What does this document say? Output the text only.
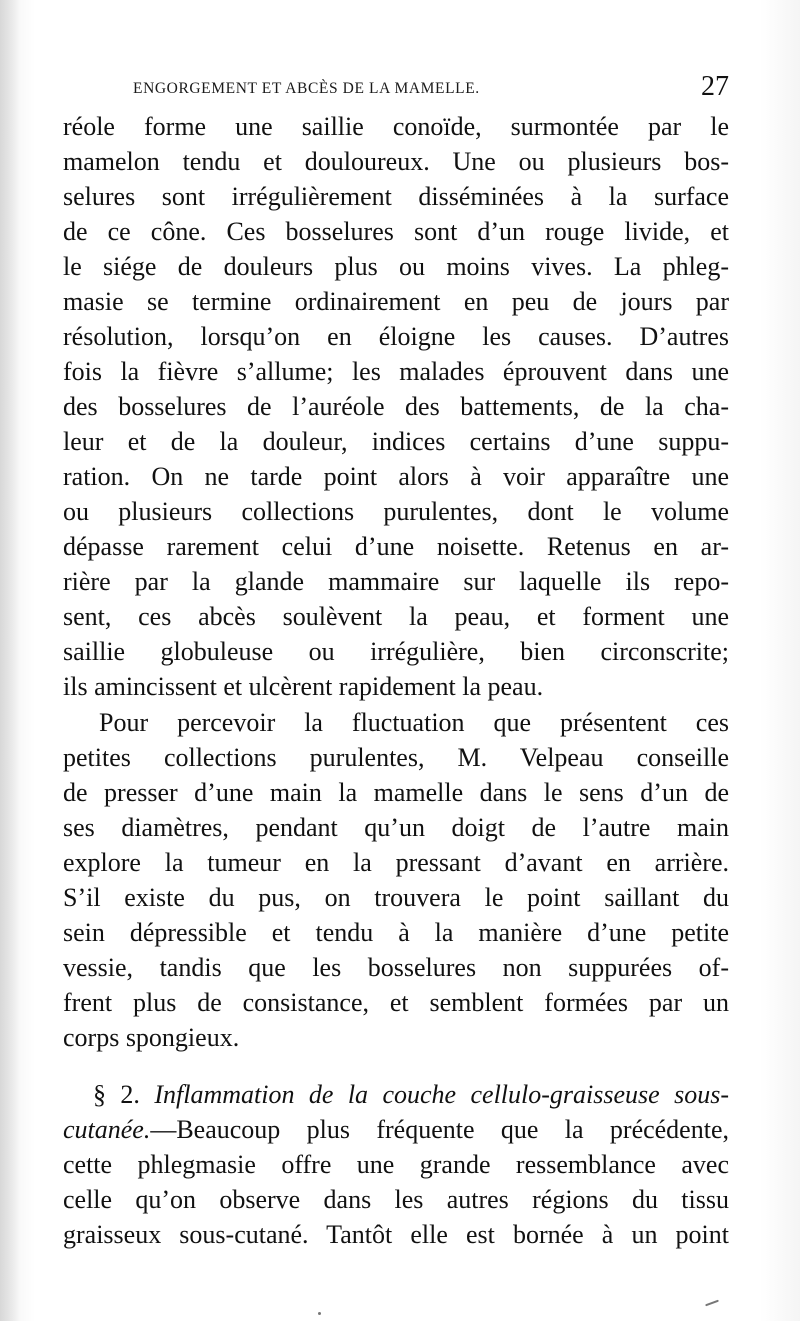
ENGORGEMENT ET ABCÈS DE LA MAMELLE.	27
réole forme une saillie conoïde, surmontée par le
mamelon tendu et douloureux. Une ou plusieurs bos-
selures sont irrégulièrement disséminées à la surface
de ce cône. Ces bosselures sont d’un rouge livide, et
le siége de douleurs plus ou moins vives. La phleg-
masie se termine ordinairement en peu de jours par
résolution, lorsqu’on en éloigne les causes. D’autres
fois la fièvre s’allume; les malades éprouvent dans une
des bosselures de l’auréole des battements, de la cha-
leur et de la douleur, indices certains d’une suppu-
ration. On ne tarde point alors à voir apparaître une
ou plusieurs collections purulentes, dont le volume
dépasse rarement celui d’une noisette. Retenus en ar-
rière par la glande mammaire sur laquelle ils repo-
sent, ces abcès soulèvent la peau, et forment une
saillie globuleuse ou irrégulière, bien circonscrite;
ils amincissent et ulcèrent rapidement la peau.
Pour percevoir la fluctuation que présentent ces
petites collections purulentes, M. Velpeau conseille
de presser d’une main la mamelle dans le sens d’un de
ses diamètres, pendant qu’un doigt de l’autre main
explore la tumeur en la pressant d’avant en arrière.
S’il existe du pus, on trouvera le point saillant du
sein dépressible et tendu à la manière d’une petite
vessie, tandis que les bosselures non suppurées of-
frent plus de consistance, et semblent formées par un
corps spongieux.
§ 2. Inflammation de la couche cellulo-graisseuse sous-
cutanée.—Beaucoup plus fréquente que la précédente,
cette phlegmasie offre une grande ressemblance avec
celle qu’on observe dans les autres régions du tissu
graisseux sous-cutané. Tantôt elle est bornée à un point
